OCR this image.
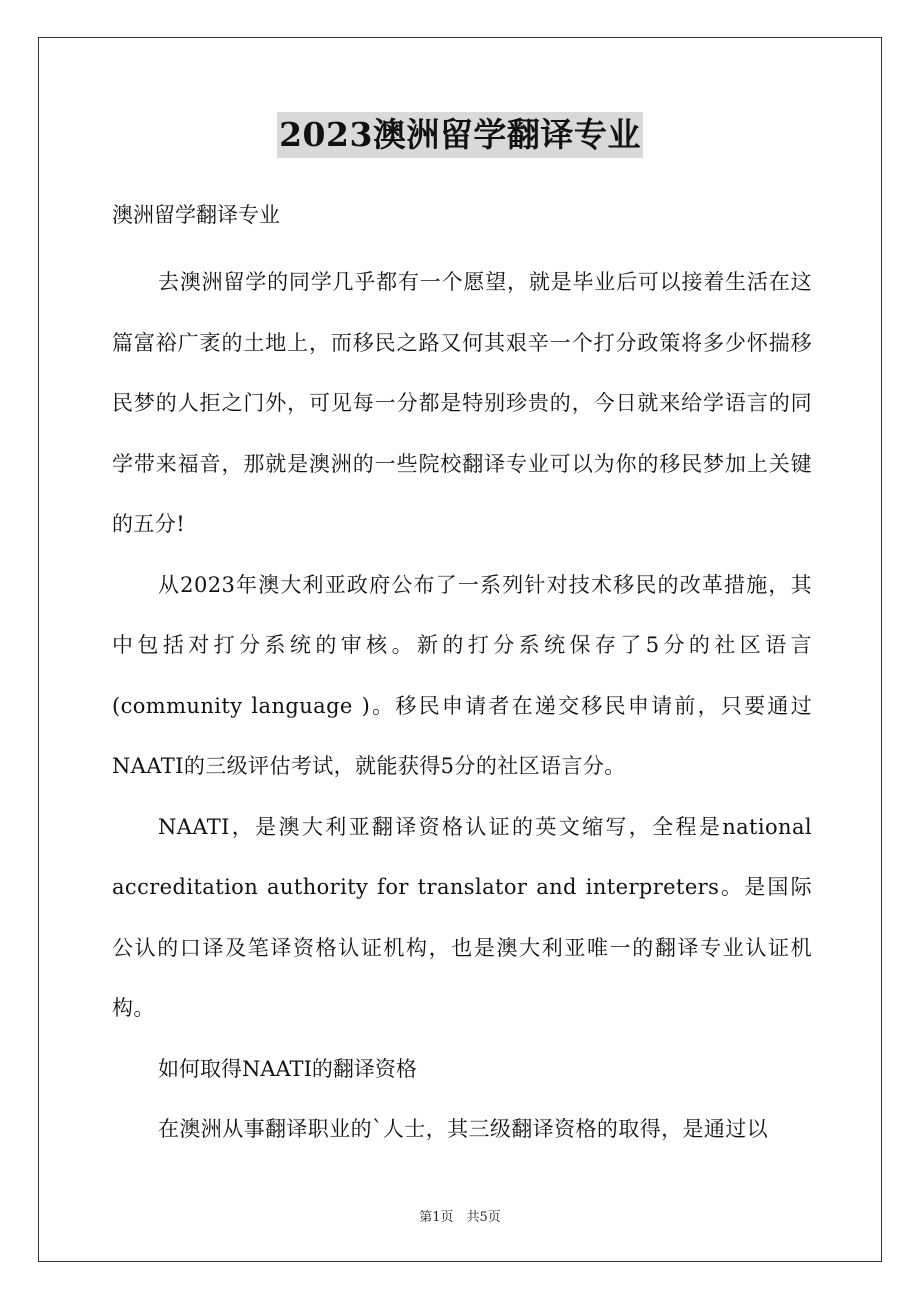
2023澳洲留学翻译专业
澳洲留学翻译专业

去澳洲留学的同学几乎都有一个愿望，就是毕业后可以接着生活在这篇富裕广袤的土地上，而移民之路又何其艰辛一个打分政策将多少怀揣移民梦的人拒之门外，可见每一分都是特别珍贵的，今日就来给学语言的同学带来福音，那就是澳洲的一些院校翻译专业可以为你的移民梦加上关键的五分!

从2023年澳大利亚政府公布了一系列针对技术移民的改革措施，其中包括对打分系统的审核。新的打分系统保存了5分的社区语言(community language )。移民申请者在递交移民申请前，只要通过NAATI的三级评估考试，就能获得5分的社区语言分。

NAATI，是澳大利亚翻译资格认证的英文缩写，全程是national accreditation authority for translator and interpreters。是国际公认的口译及笔译资格认证机构，也是澳大利亚唯一的翻译专业认证机构。

如何取得NAATI的翻译资格

在澳洲从事翻译职业的`人士，其三级翻译资格的取得，是通过以

第1页　共5页
